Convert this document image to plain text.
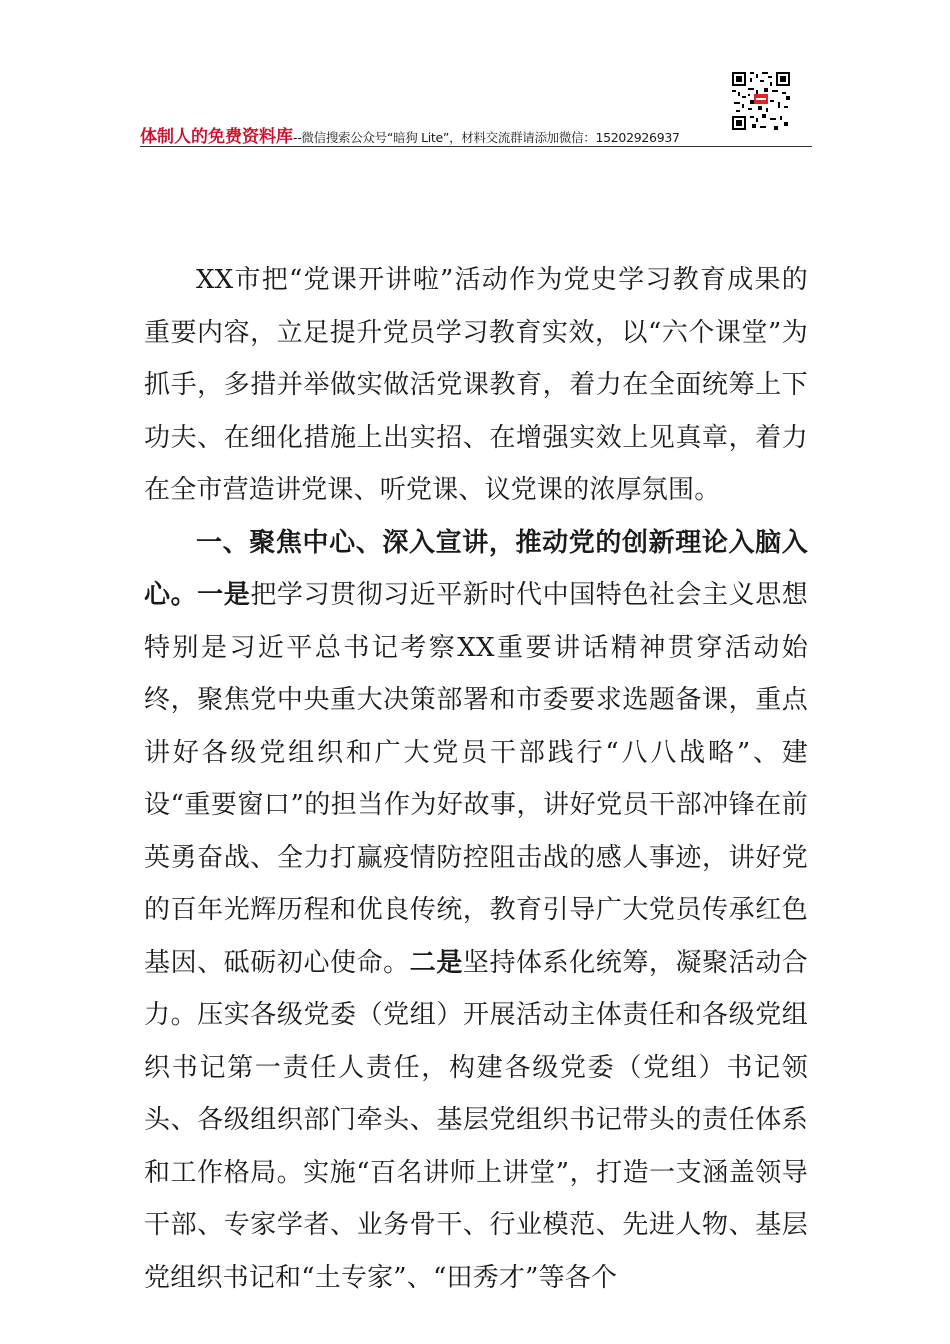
体制人的免费资料库--微信搜索公众号“暗狗 Lite”，材料交流群请添加微信：15202926937

XX市把“党课开讲啦”活动作为党史学习教育成果的重要内容，立足提升党员学习教育实效，以“六个课堂”为抓手，多措并举做实做活党课教育，着力在全面统筹上下功夫、在细化措施上出实招、在增强实效上见真章，着力在全市营造讲党课、听党课、议党课的浓厚氛围。

一、聚焦中心、深入宣讲，推动党的创新理论入脑入心。一是把学习贯彻习近平新时代中国特色社会主义思想特别是习近平总书记考察XX重要讲话精神贯穿活动始终，聚焦党中央重大决策部署和市委要求选题备课，重点讲好各级党组织和广大党员干部践行“八八战略”、建设“重要窗口”的担当作为好故事，讲好党员干部冲锋在前英勇奋战、全力打赢疫情防控阻击战的感人事迹，讲好党的百年光辉历程和优良传统，教育引导广大党员传承红色基因、砥砺初心使命。二是坚持体系化统筹，凝聚活动合力。压实各级党委（党组）开展活动主体责任和各级党组织书记第一责任人责任，构建各级党委（党组）书记领头、各级组织部门牵头、基层党组织书记带头的责任体系和工作格局。实施“百名讲师上讲堂”，打造一支涵盖领导干部、专家学者、业务骨干、行业模范、先进人物、基层党组织书记和“土专家”、“田秀才”等各个
